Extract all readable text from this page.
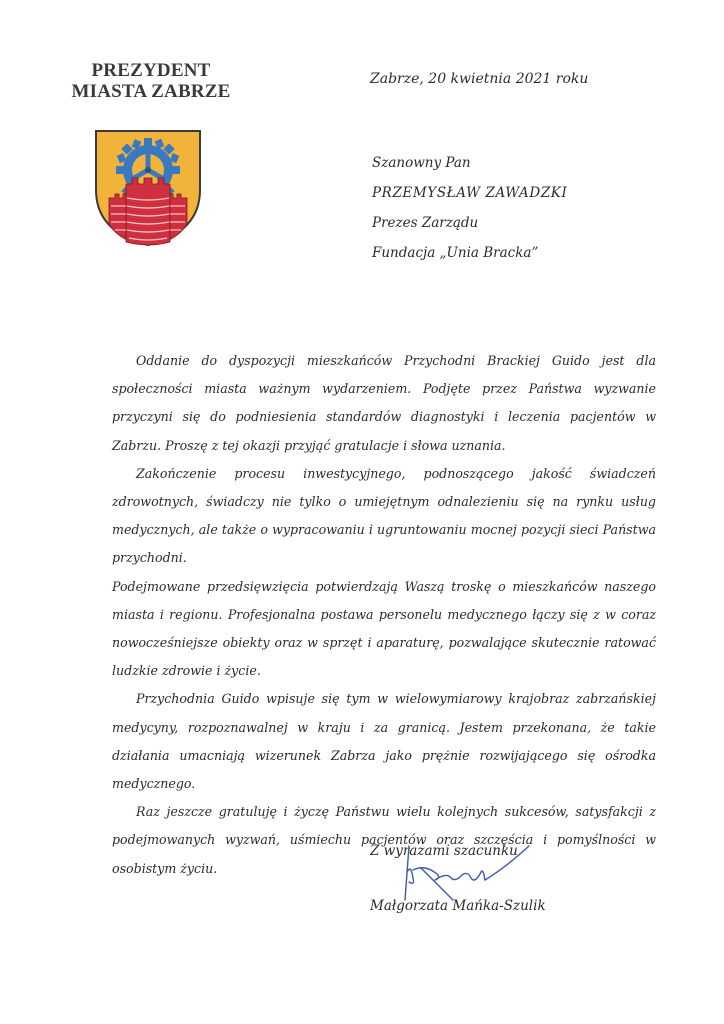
PREZYDENT
MIASTA ZABRZE
Zabrze, 20 kwietnia 2021 roku
Szanowny Pan
PRZEMYSŁAW ZAWADZKI
Prezes Zarządu
Fundacja „Unia Bracka”

Oddanie do dyspozycji mieszkańców Przychodni Brackiej Guido jest dla społeczności miasta ważnym wydarzeniem. Podjęte przez Państwa wyzwanie przyczyni się do podniesienia standardów diagnostyki i leczenia pacjentów w Zabrzu. Proszę z tej okazji przyjąć gratulacje i słowa uznania.

Zakończenie procesu inwestycyjnego, podnoszącego jakość świadczeń zdrowotnych, świadczy nie tylko o umiejętnym odnalezieniu się na rynku usług medycznych, ale także o wypracowaniu i ugruntowaniu mocnej pozycji sieci Państwa przychodni.

Podejmowane przedsięwzięcia potwierdzają Waszą troskę o mieszkańców naszego miasta i regionu. Profesjonalna postawa personelu medycznego łączy się z w coraz nowocześniejsze obiekty oraz w sprzęt i aparaturę, pozwalające skutecznie ratować ludzkie zdrowie i życie.

Przychodnia Guido wpisuje się tym w wielowymiarowy krajobraz zabrzańskiej medycyny, rozpoznawalnej w kraju i za granicą. Jestem przekonana, że takie działania umacniają wizerunek Zabrza jako prężnie rozwijającego się ośrodka medycznego.

Raz jeszcze gratuluję i życzę Państwu wielu kolejnych sukcesów, satysfakcji z podejmowanych wyzwań, uśmiechu pacjentów oraz szczęścia i pomyślności w osobistym życiu.

Z wyrazami szacunku
Małgorzata Mańka-Szulik
